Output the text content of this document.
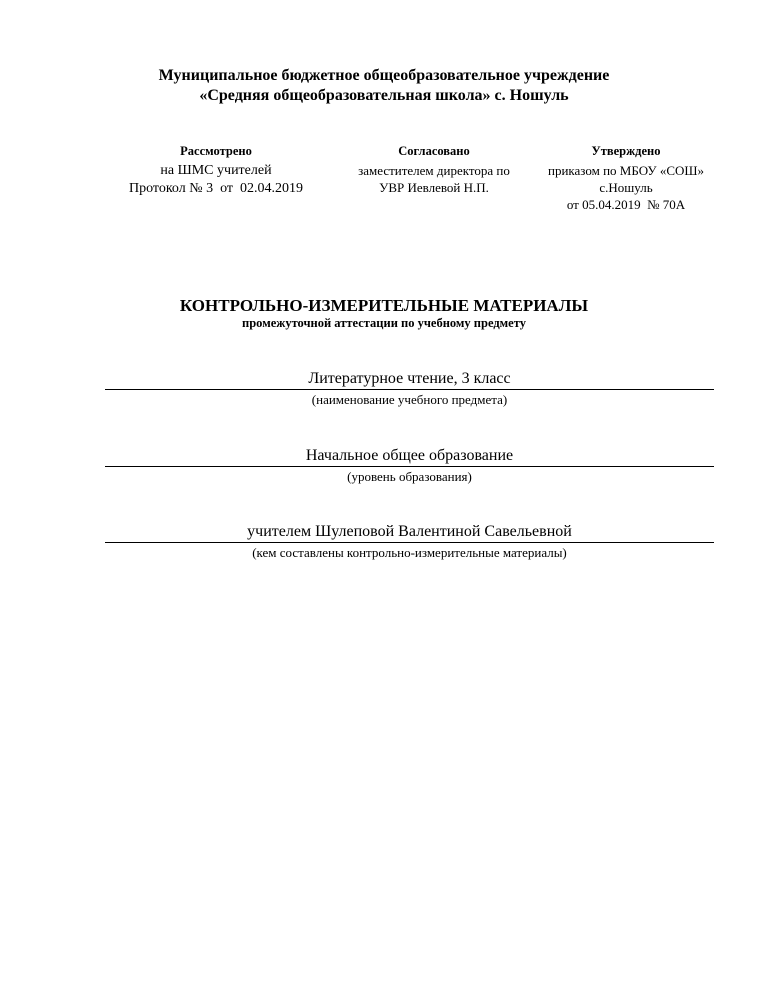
Муниципальное бюджетное общеобразовательное учреждение
«Средняя общеобразовательная школа» с. Ношуль
Рассмотрено
на ШМС учителей
Протокол № 3  от  02.04.2019
Согласовано
заместителем директора по
УВР Иевлевой Н.П.
Утверждено
приказом по МБОУ «СОШ»
с.Ношуль
от 05.04.2019  № 70А
КОНТРОЛЬНО-ИЗМЕРИТЕЛЬНЫЕ МАТЕРИАЛЫ
промежуточной аттестации по учебному предмету
Литературное чтение, 3 класс
(наименование учебного предмета)
Начальное общее образование
(уровень образования)
учителем Шулеповой Валентиной Савельевной
(кем составлены контрольно-измерительные материалы)
